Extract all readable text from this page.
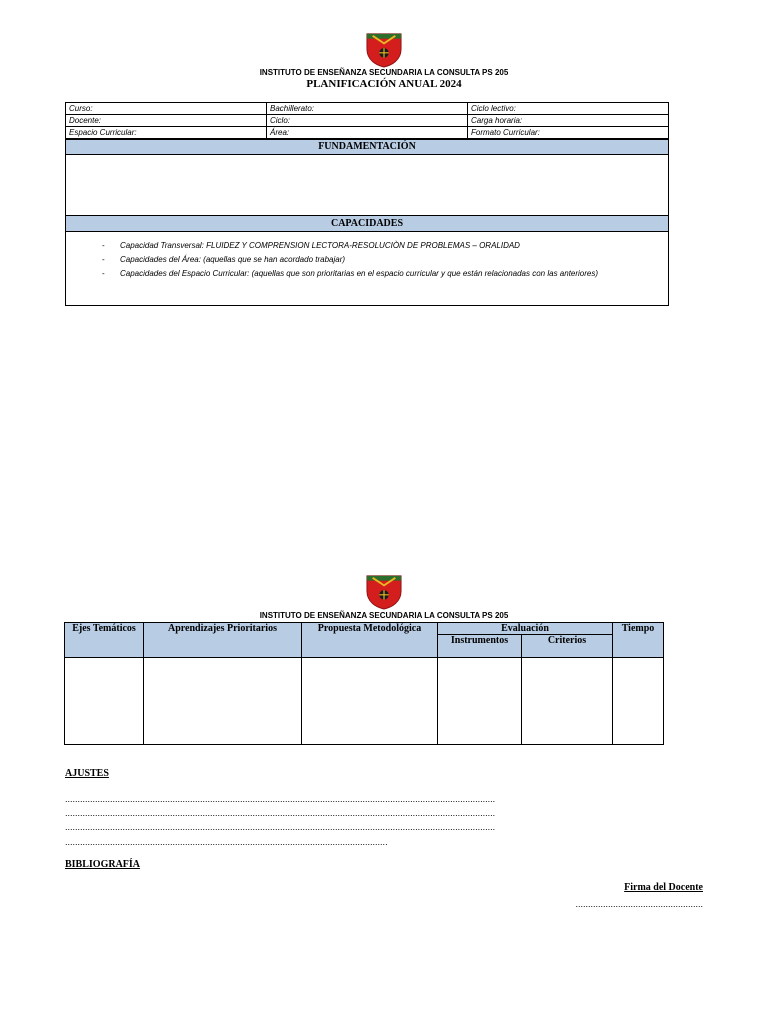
INSTITUTO DE ENSEÑANZA SECUNDARIA LA CONSULTA PS 205
PLANIFICACIÓN ANUAL 2024
Curso:	Bachillerato:	Ciclo lectivo:
Docente:	Ciclo:	Carga horaria:
Espacio Curricular:	Área:	Formato Curricular:
FUNDAMENTACIÓN
CAPACIDADES
- Capacidad Transversal: FLUIDEZ Y COMPRENSION LECTORA-RESOLUCIÒN DE PROBLEMAS – ORALIDAD
- Capacidades del Área: (aquellas que se han acordado trabajar)
- Capacidades del Espacio Curricular: (aquellas que son prioritarias en el espacio curricular y que están relacionadas con las anteriores)
INSTITUTO DE ENSEÑANZA SECUNDARIA LA CONSULTA PS 205
Ejes Temáticos	Aprendizajes Prioritarios	Propuesta Metodológica	Evaluación		Tiempo
			Instrumentos	Criterios	

AJUSTES
............................................................................................................................................................................
............................................................................................................................................................................
............................................................................................................................................................................
.................................................................................................................................
BIBLIOGRAFÍA
Firma del Docente
...................................................
